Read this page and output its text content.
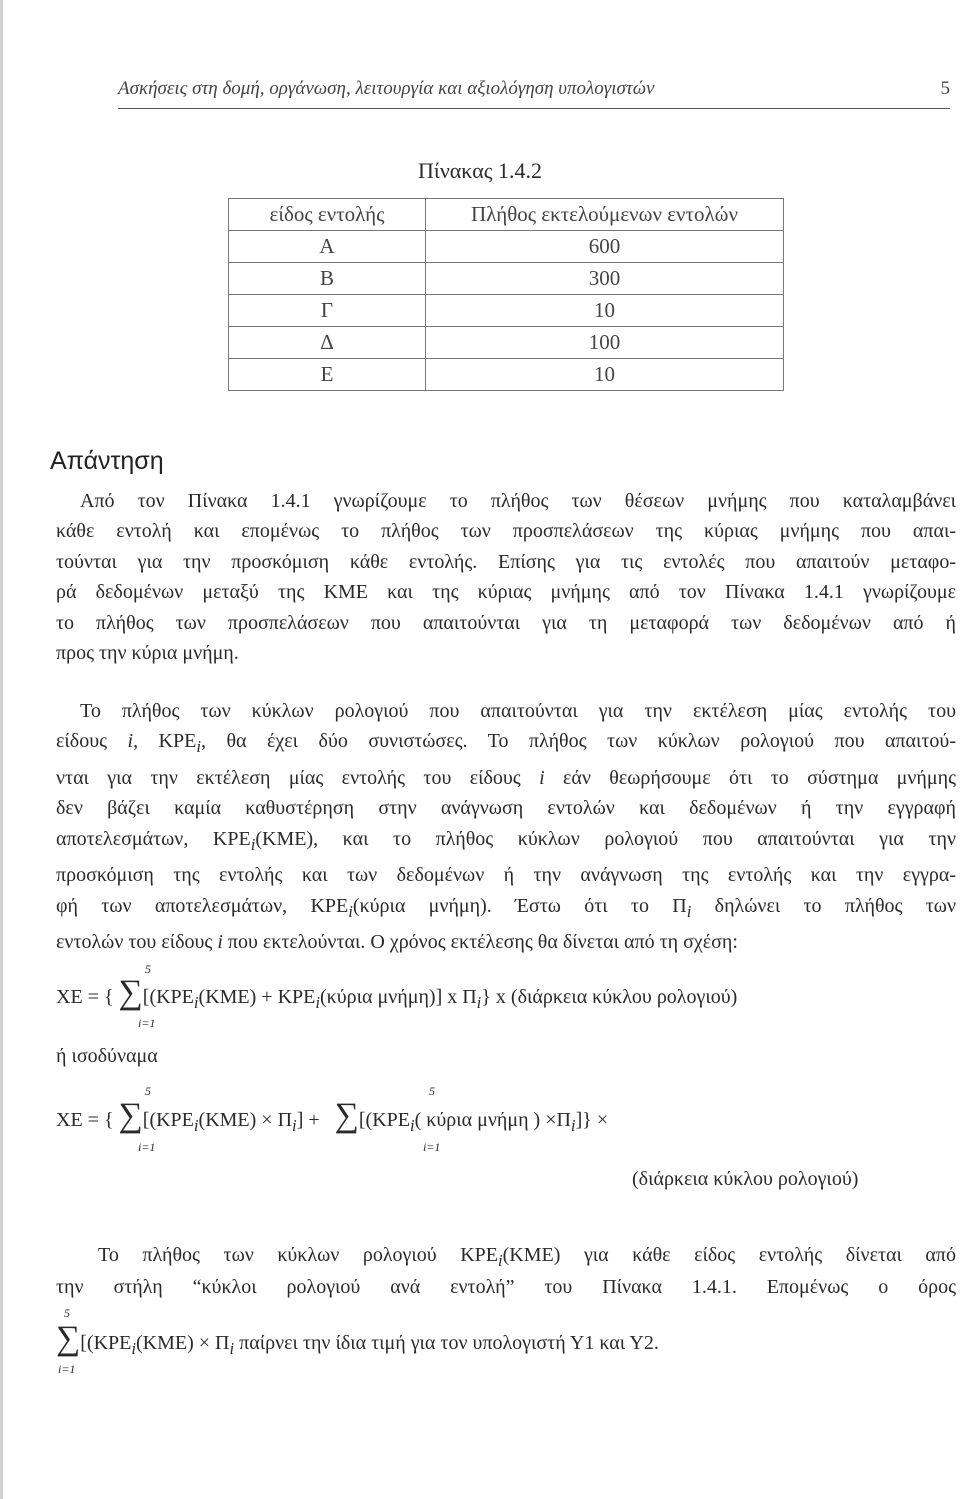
Ασκήσεις στη δομή, οργάνωση, λειτουργία και αξιολόγηση υπολογιστών	5
Πίνακας 1.4.2
είδος εντολής	Πλήθος εκτελούμενων εντολών
Α	600
Β	300
Γ	10
Δ	100
Ε	10
Απάντηση
Από τον Πίνακα 1.4.1 γνωρίζουμε το πλήθος των θέσεων μνήμης που καταλαμβάνει
κάθε εντολή και επομένως το πλήθος των προσπελάσεων της κύριας μνήμης που απαι-
τούνται για την προσκόμιση κάθε εντολής. Επίσης για τις εντολές που απαιτούν μεταφο-
ρά δεδομένων μεταξύ της ΚΜΕ και της κύριας μνήμης από τον Πίνακα 1.4.1 γνωρίζουμε
το πλήθος των προσπελάσεων που απαιτούνται για τη μεταφορά των δεδομένων από ή
προς την κύρια μνήμη.
Το πλήθος των κύκλων ρολογιού που απαιτούνται για την εκτέλεση μίας εντολής του
είδους i, $KPE_i$, θα έχει δύο συνιστώσες. Το πλήθος των κύκλων ρολογιού που απαιτού-
νται για την εκτέλεση μίας εντολής του είδους i εάν θεωρήσουμε ότι το σύστημα μνήμης
δεν βάζει καμία καθυστέρηση στην ανάγνωση εντολών και δεδομένων ή την εγγραφή
αποτελεσμάτων, $KPE_i(KME)$, και το πλήθος κύκλων ρολογιού που απαιτούνται για την
προσκόμιση της εντολής και των δεδομένων ή την ανάγνωση της εντολής και την εγγρα-
φή των αποτελεσμάτων, $KPE_i(\kappa ύ\rho\iota\alpha$ μνήμη). Έστω ότι το $\Pi_i$ δηλώνει το πλήθος των
εντολών του είδους i που εκτελούνται. Ο χρόνος εκτέλεσης θα δίνεται από τη σχέση:
5
ΧΕ = { $\sum[(KPE_i(KME) + KPE_i(\kappa ύ\rho\iota\alpha$ μνήμη)] x $\Pi_i$} x (διάρκεια κύκλου ρολογιού)
i=1
ή ισοδύναμα
5	5
ΧΕ = { $\sum[(KPE_i(KME) \times \Pi_i] + \sum[(KPE_i$( κύρια μνήμη ) $\times\Pi_i$]} ×
i=1	i=1
(διάρκεια κύκλου ρολογιού)
Το πλήθος των κύκλων ρολογιού $KPE_i(KME)$ για κάθε είδος εντολής δίνεται από
την στήλη “κύκλοι ρολογιού ανά εντολή” του Πίνακα 1.4.1. Επομένως ο όρος
5
$\sum[(KPE_i(KME) \times \Pi_i$ παίρνει την ίδια τιμή για τον υπολογιστή Υ1 και Υ2.
i=1
